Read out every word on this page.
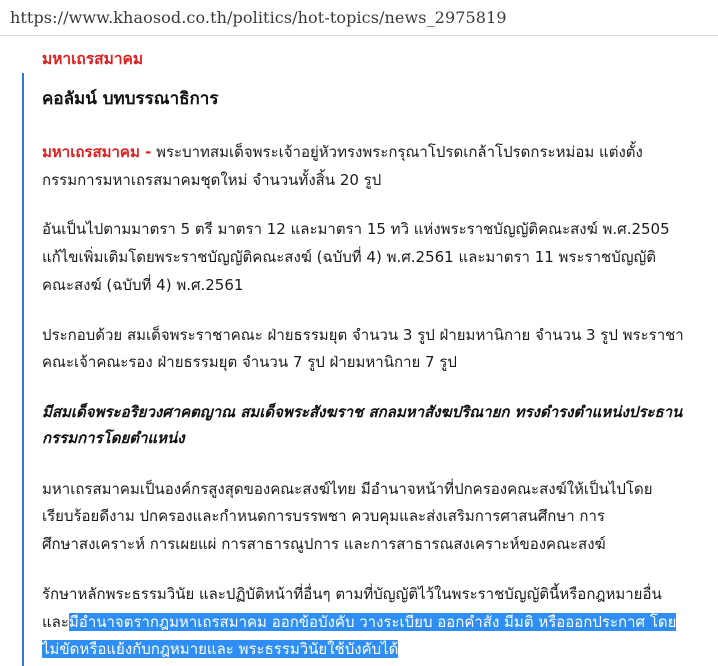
https://www.khaosod.co.th/politics/hot-topics/news_2975819

มหาเถรสมาคม

คอลัมน์ บทบรรณาธิการ

มหาเถรสมาคม - พระบาทสมเด็จพระเจ้าอยู่หัวทรงพระกรุณาโปรดเกล้าโปรดกระหม่อม แต่งตั้งกรรมการมหาเถรสมาคมชุดใหม่ จำนวนทั้งสิ้น 20 รูป

อันเป็นไปตามมาตรา 5 ตรี มาตรา 12 และมาตรา 15 ทวิ แห่งพระราชบัญญัติคณะสงฆ์ พ.ศ.2505 แก้ไขเพิ่มเติมโดยพระราชบัญญัติคณะสงฆ์ (ฉบับที่ 4) พ.ศ.2561 และมาตรา 11 พระราชบัญญัติคณะสงฆ์ (ฉบับที่ 4) พ.ศ.2561

ประกอบด้วย สมเด็จพระราชาคณะ ฝ่ายธรรมยุต จำนวน 3 รูป ฝ่ายมหานิกาย จำนวน 3 รูป พระราชาคณะเจ้าคณะรอง ฝ่ายธรรมยุต จำนวน 7 รูป ฝ่ายมหานิกาย 7 รูป

มีสมเด็จพระอริยวงศาคตญาณ สมเด็จพระสังฆราช สกลมหาสังฆปริณายก ทรงดำรงตำแหน่งประธานกรรมการโดยตำแหน่ง

มหาเถรสมาคมเป็นองค์กรสูงสุดของคณะสงฆ์ไทย มีอำนาจหน้าที่ปกครองคณะสงฆ์ให้เป็นไปโดยเรียบร้อยดีงาม ปกครองและกำหนดการบรรพชา ควบคุมและส่งเสริมการศาสนศึกษา การศึกษาสงเคราะห์ การเผยแผ่ การสาธารณูปการ และการสาธารณสงเคราะห์ของคณะสงฆ์

รักษาหลักพระธรรมวินัย และปฏิบัติหน้าที่อื่นๆ ตามที่บัญญัติไว้ในพระราชบัญญัตินี้หรือกฎหมายอื่น และมีอำนาจตรากฎมหาเถรสมาคม ออกข้อบังคับ วางระเบียบ ออกคำสั่ง มีมติ หรือออกประกาศ โดยไม่ขัดหรือแย้งกับกฎหมายและ พระธรรมวินัยใช้บังคับได้
